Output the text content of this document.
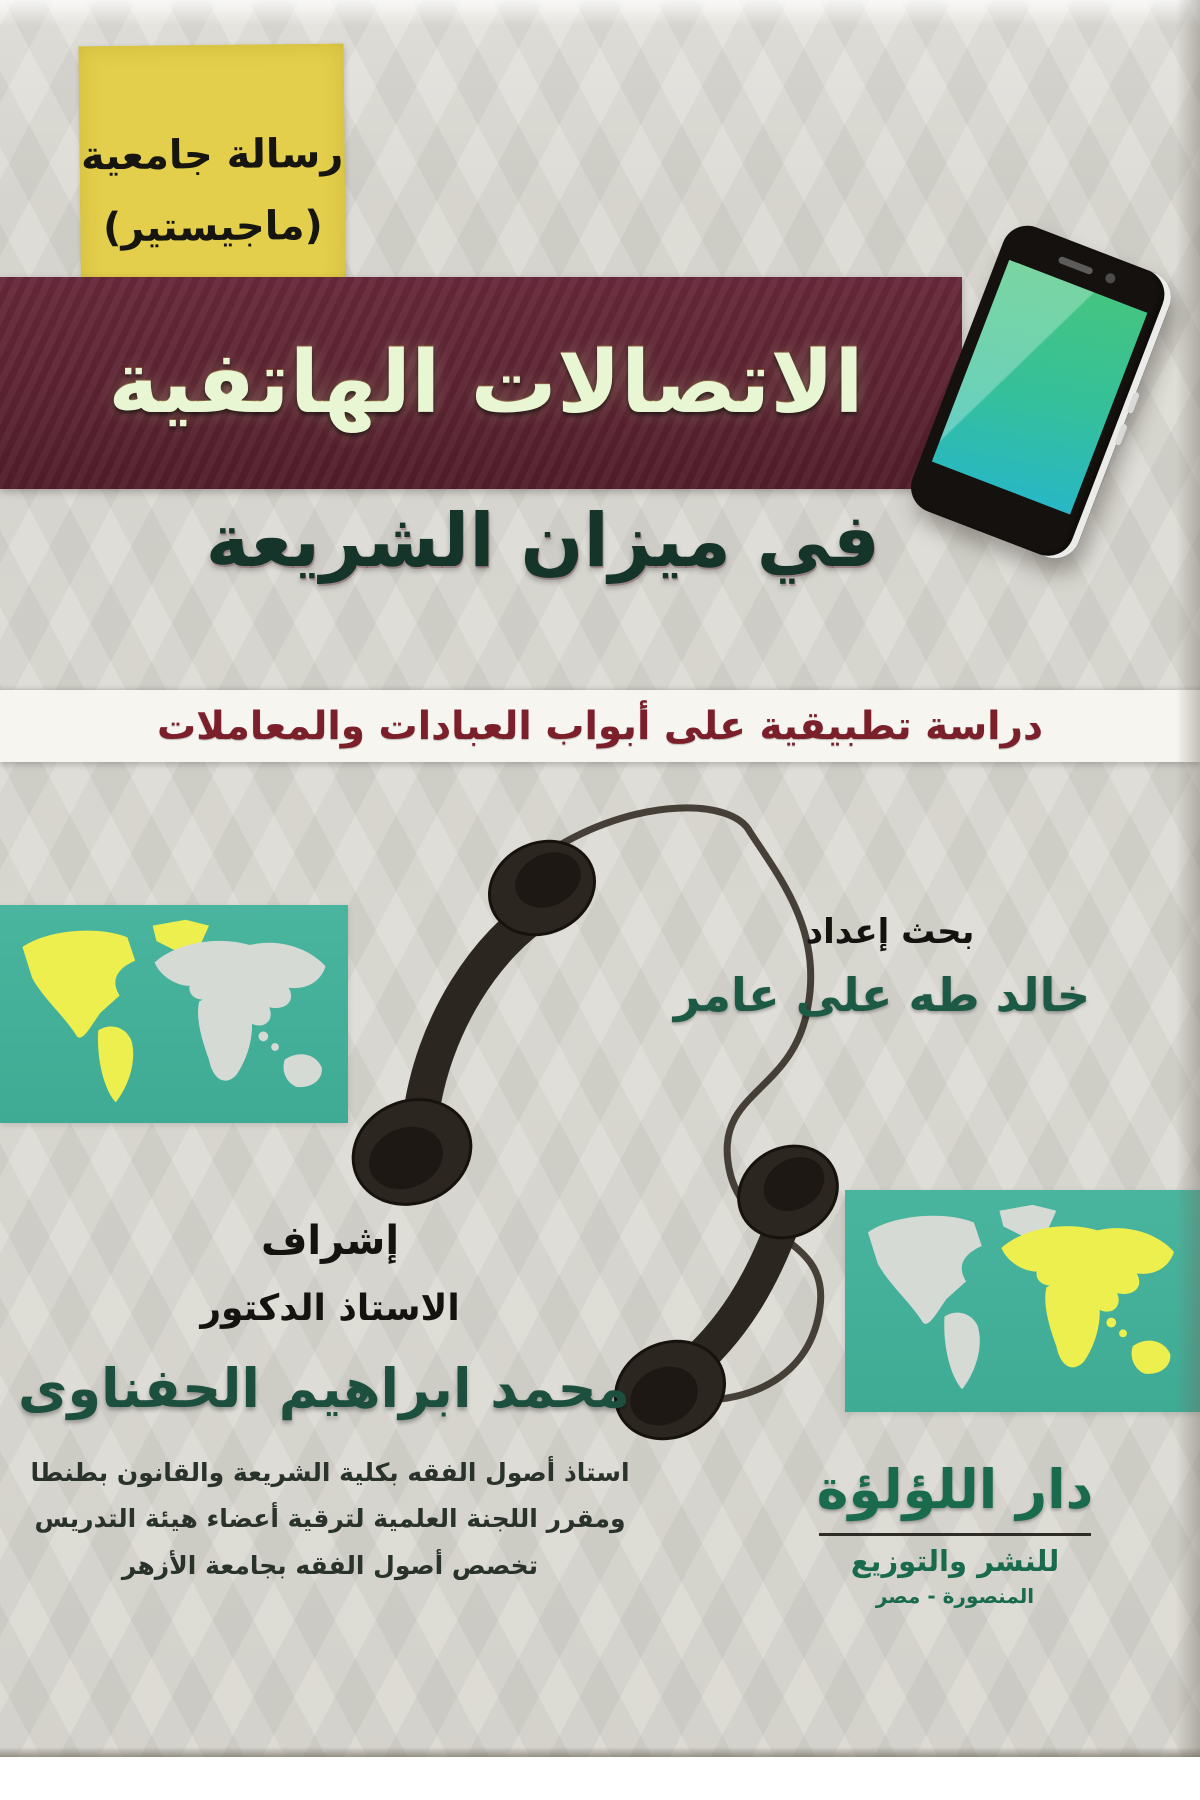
رسالة جامعية
(ماجيستير)
الاتصالات الهاتفية
في ميزان الشريعة
دراسة تطبيقية على أبواب العبادات والمعاملات
بحث إعداد
خالد طه على عامر
إشراف
الاستاذ الدكتور
محمد ابراهيم الحفناوى
استاذ أصول الفقه بكلية الشريعة والقانون بطنطا
ومقرر اللجنة العلمية لترقية أعضاء هيئة التدريس
تخصص أصول الفقه بجامعة الأزهر
دار اللؤلؤة
للنشر والتوزيع
المنصورة - مصر
